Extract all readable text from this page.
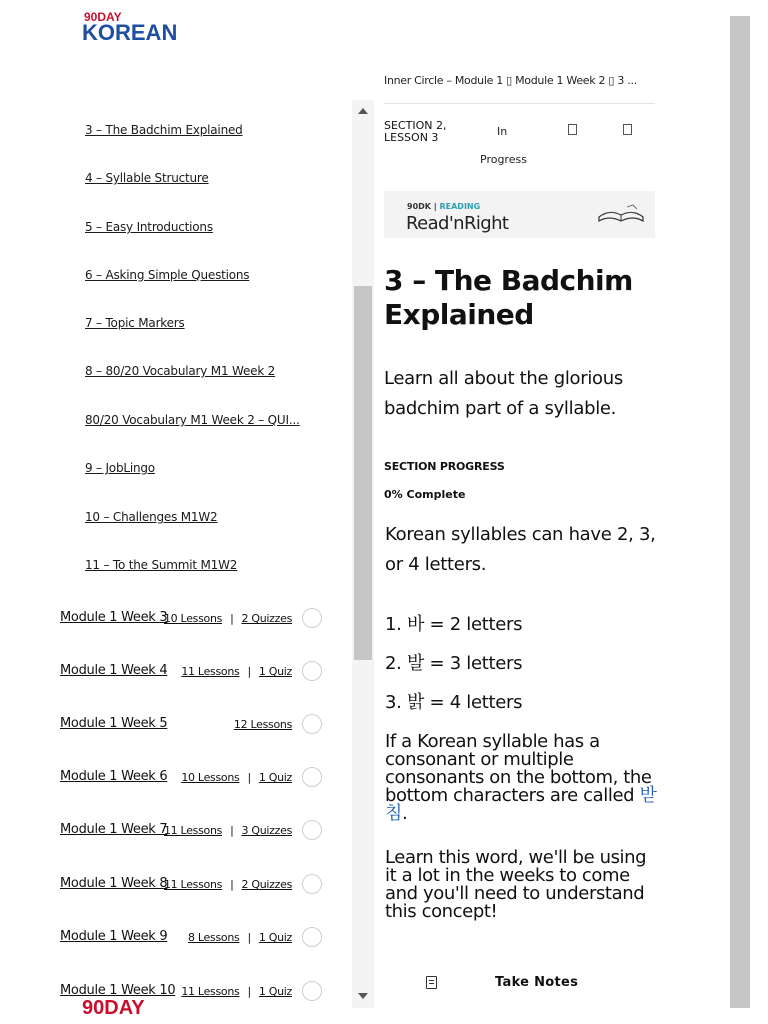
90DAY
KOREAN
3 – The Badchim Explained
4 – Syllable Structure
5 – Easy Introductions
6 – Asking Simple Questions
7 – Topic Markers
8 – 80/20 Vocabulary M1 Week 2
80/20 Vocabulary M1 Week 2 – QUI...
9 – JobLingo
10 – Challenges M1W2
11 – To the Summit M1W2
Module 1 Week 3
10 Lessons | 2 Quizzes
Module 1 Week 4 11 Lessons | 1 Quiz
Module 1 Week 5	12 Lessons
Module 1 Week 6 10 Lessons | 1 Quiz
Module 1 Week 7
11 Lessons | 3 Quizzes
Module 1 Week 8
11 Lessons | 2 Quizzes
Module 1 Week 9 8 Lessons | 1 Quiz
Module 1 Week 10 11 Lessons | 1 Quiz
90DAY
Inner Circle – Module 1 ▯ Module 1 Week 2 ▯ 3 ...
SECTION 2,
LESSON 3	In
Progress
90DK | READING
Read'nRight
3 – The Badchim Explained

Learn all about the glorious badchim part of a syllable.

SECTION PROGRESS
0% Complete

Korean syllables can have 2, 3, or 4 letters.

1. 바 = 2 letters
2. 발 = 3 letters
3. 밝 = 4 letters

If a Korean syllable has a consonant or multiple consonants on the bottom, the bottom characters are called 받침.

Learn this word, we'll be using it a lot in the weeks to come and you'll need to understand this concept!

Take Notes
